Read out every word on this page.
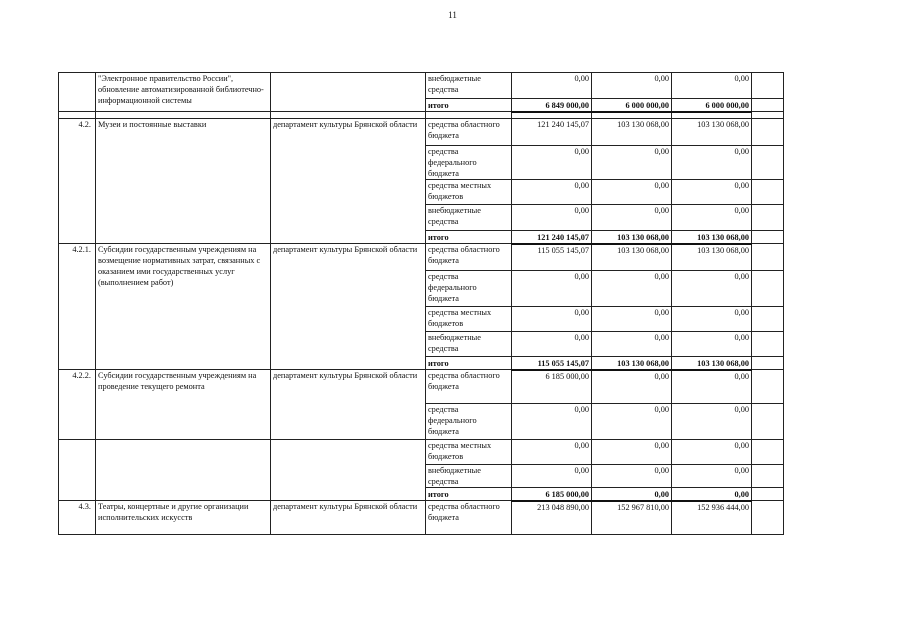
11
	"Электронное правительство России", обновление автоматизированной библиотечно-информационной системы		внебюджетные средства	0,00	0,00	0,00	
			итого	6 849 000,00	6 000 000,00	6 000 000,00	

4.2.	Музеи и постоянные выставки	департамент культуры Брянской области	средства областного бюджета	121 240 145,07	103 130 068,00	103 130 068,00	
			средства федерального бюджета	0,00	0,00	0,00	
			средства местных бюджетов	0,00	0,00	0,00	
			внебюджетные средства	0,00	0,00	0,00	
			итого	121 240 145,07	103 130 068,00	103 130 068,00	
4.2.1.	Субсидии государственным учреждениям на возмещение нормативных затрат, связанных с оказанием ими государственных услуг (выполнением работ)	департамент культуры Брянской области	средства областного бюджета	115 055 145,07	103 130 068,00	103 130 068,00	
			средства федерального бюджета	0,00	0,00	0,00	
			средства местных бюджетов	0,00	0,00	0,00	
			внебюджетные средства	0,00	0,00	0,00	
			итого	115 055 145,07	103 130 068,00	103 130 068,00	
4.2.2.	Субсидии государственным учреждениям на проведение текущего ремонта	департамент культуры Брянской области	средства областного бюджета	6 185 000,00	0,00	0,00	
			средства федерального бюджета	0,00	0,00	0,00	
			средства местных бюджетов	0,00	0,00	0,00	
			внебюджетные средства	0,00	0,00	0,00	
			итого	6 185 000,00	0,00	0,00	
4.3.	Театры, концертные и другие организации исполнительских искусств	департамент культуры Брянской области	средства областного бюджета	213 048 890,00	152 967 810,00	152 936 444,00	
